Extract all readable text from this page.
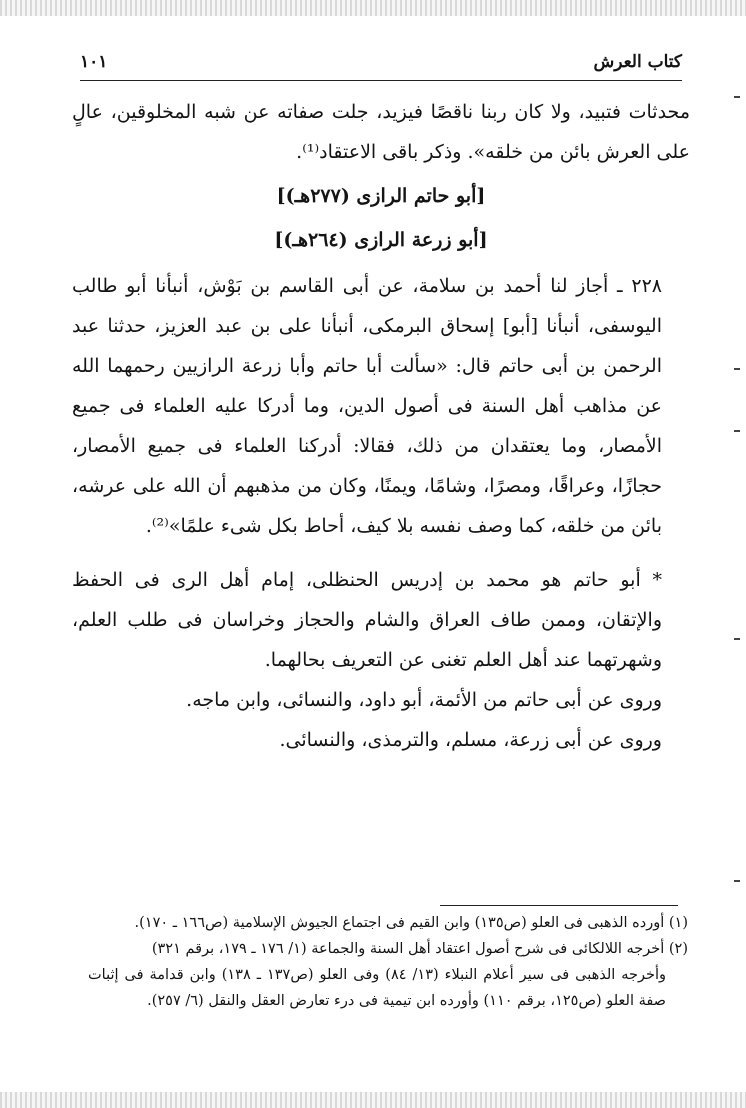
كتاب العرش
١٠١

محدثات فتبيد، ولا كان ربنا ناقصًا فيزيد، جلت صفاته عن شبه المخلوقين، عالٍ على العرش بائن من خلقه». وذكر باقى الاعتقاد⁽¹⁾.

[أبو حاتم الرازى (٢٧٧هـ)]

[أبو زرعة الرازى (٢٦٤هـ)]

٢٢٨ ـ أجاز لنا أحمد بن سلامة، عن أبى القاسم بن بَوْش، أنبأنا أبو طالب اليوسفى، أنبأنا [أبو] إسحاق البرمكى، أنبأنا على بن عبد العزيز، حدثنا عبد الرحمن بن أبى حاتم قال: «سألت أبا حاتم وأبا زرعة الرازيين رحمهما الله عن مذاهب أهل السنة فى أصول الدين، وما أدركا عليه العلماء فى جميع الأمصار، وما يعتقدان من ذلك، فقالا: أدركنا العلماء فى جميع الأمصار، حجازًا، وعراقًا، ومصرًا، وشامًا، ويمنًا، وكان من مذهبهم أن الله على عرشه، بائن من خلقه، كما وصف نفسه بلا كيف، أحاط بكل شىء علمًا»⁽²⁾.

* أبو حاتم هو محمد بن إدريس الحنظلى، إمام أهل الرى فى الحفظ والإتقان، وممن طاف العراق والشام والحجاز وخراسان فى طلب العلم، وشهرتهما عند أهل العلم تغنى عن التعريف بحالهما.

وروى عن أبى حاتم من الأئمة، أبو داود، والنسائى، وابن ماجه.

وروى عن أبى زرعة، مسلم، والترمذى، والنسائى.

(١) أورده الذهبى فى العلو (ص١٣٥) وابن القيم فى اجتماع الجيوش الإسلامية (ص١٦٦ ـ ١٧٠).

(٢) أخرجه اللالكائى فى شرح أصول اعتقاد أهل السنة والجماعة (١/ ١٧٦ ـ ١٧٩، برقم ٣٢١)

وأخرجه الذهبى فى سير أعلام النبلاء (١٣/ ٨٤) وفى العلو (ص١٣٧ ـ ١٣٨) وابن قدامة فى إثبات صفة العلو (ص١٢٥، برقم ١١٠) وأورده ابن تيمية فى درء تعارض العقل والنقل (٦/ ٢٥٧).
